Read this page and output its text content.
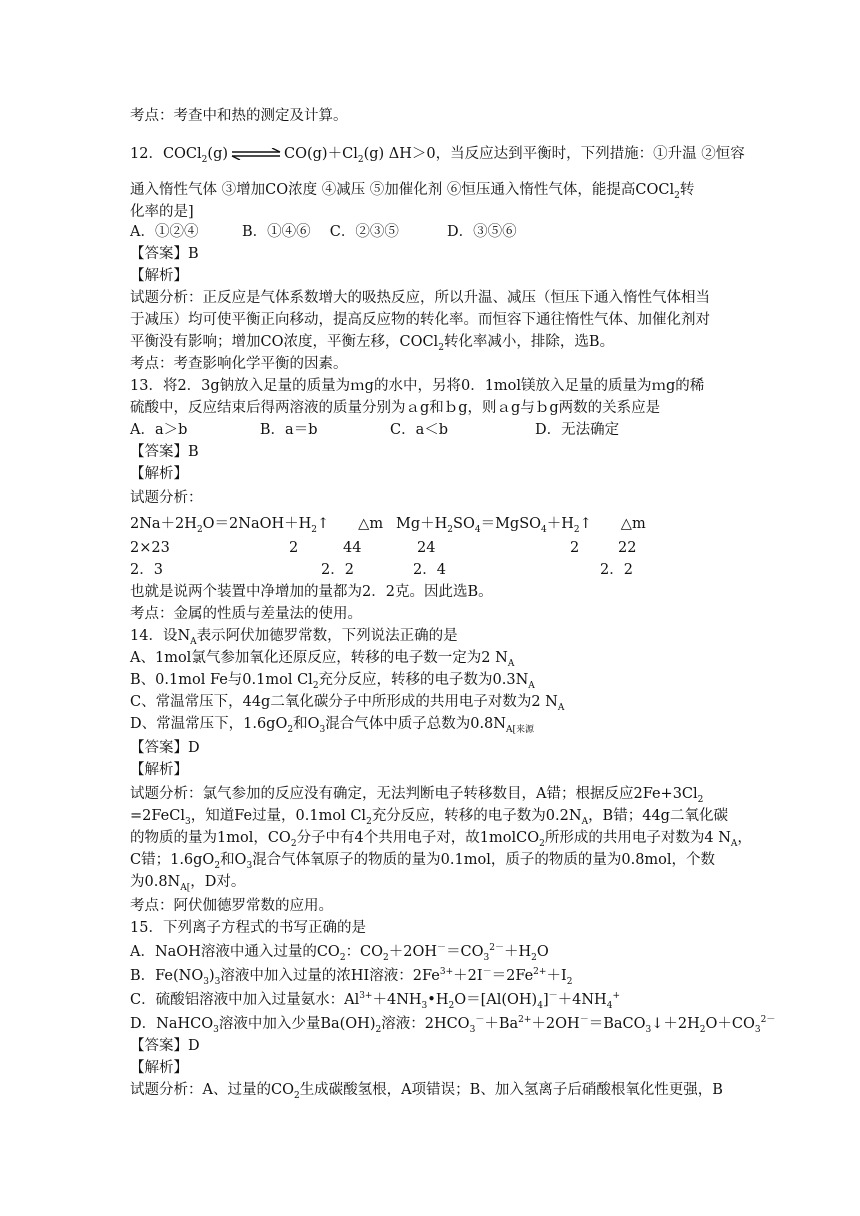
考点：考查中和热的测定及计算。
12．$COCl_2(g)\rightleftharpoons CO(g)+Cl_2(g)$ ΔH＞0，当反应达到平衡时，下列措施：①升温 ②恒容
通入惰性气体 ③增加CO浓度 ④减压 ⑤加催化剂 ⑥恒压通入惰性气体，能提高COCl$_2$转
化率的是]
A．①②④　　　B．①④⑥　 C．②③⑤　　　 D．③⑤⑥
【答案】B
【解析】
试题分析：正反应是气体系数增大的吸热反应，所以升温、减压（恒压下通入惰性气体相当
于减压）均可使平衡正向移动，提高反应物的转化率。而恒容下通往惰性气体、加催化剂对
平衡没有影响；增加CO浓度，平衡左移，COCl$_2$转化率减小，排除，选B。
考点：考查影响化学平衡的因素。
13．将2．3g钠放入足量的质量为ｍg的水中，另将0．1mol镁放入足量的质量为ｍg的稀
硫酸中，反应结束后得两溶液的质量分别为ａg和ｂg，则ａg与ｂg两数的关系应是
A．a＞b　　　　　B．a＝b　　　　　C．a＜b　　　　　　D．无法确定
【答案】B
【解析】
试题分析：
$2Na+2H_2O=2NaOH+H_2↑$　　△m $Mg+H_2SO_4=MgSO_4+H_2↑$　　△m
2×23	2	44	24	2	22
2．3	2．2	2．4	2．2
也就是说两个装置中净增加的量都为2．2克。因此选B。
考点：金属的性质与差量法的使用。
14．设$N_A$表示阿伏加德罗常数，下列说法正确的是
A、1mol氯气参加氧化还原反应，转移的电子数一定为2 $N_A$
B、0.1mol Fe与0.1mol $Cl_2$充分反应，转移的电子数为$0.3N_A$
C、常温常压下，44g二氧化碳分子中所形成的共用电子对数为2 $N_A$
D、常温常压下，$1.6gO_2$和$O_3$混合气体中质子总数为$0.8N_{A[来源}$
【答案】D
【解析】
试题分析：氯气参加的反应没有确定，无法判断电子转移数目，A错；根据反应$2Fe+3Cl_2$
=2FeCl$_3$，知道Fe过量，0.1mol $Cl_2$充分反应，转移的电子数为$0.2N_A$，B错；44g二氧化碳
的物质的量为1mol，$CO_2$分子中有4个共用电子对，故1molCO$_2$所形成的共用电子对数为4 $N_A$，
C错；$1.6gO_2$和$O_3$混合气体氧原子的物质的量为0.1mol，质子的物质的量为0.8mol，个数
为$0.8N_{A[}$，D对。
考点：阿伏伽德罗常数的应用。
15．下列离子方程式的书写正确的是
A．NaOH溶液中通入过量的$CO_2$：$CO_2+2OH^-=CO_3^{2-}+H_2O$
B．$Fe(NO_3)_3$溶液中加入过量的浓HI溶液：$2Fe^{3+}+2I^-=2Fe^{2+}+I_2$
C．硫酸铝溶液中加入过量氨水：$Al^{3+}+4NH_3•H_2O=[Al(OH)_4]^-+4NH_4^+$
D．NaHCO$_3$溶液中加入少量$Ba(OH)_2$溶液：$2HCO_3^-+Ba^{2+}+2OH^-=BaCO_3↓+2H_2O+CO_3^{2-}$
【答案】D
【解析】
试题分析：A、过量的$CO_2$生成碳酸氢根，A项错误；B、加入氢离子后硝酸根氧化性更强，B
